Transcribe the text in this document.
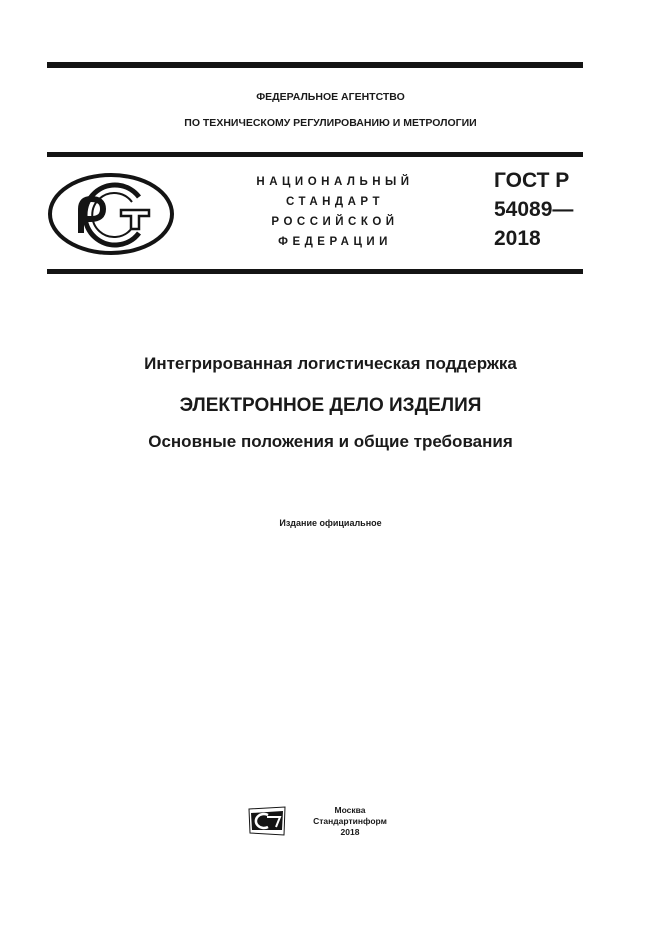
ФЕДЕРАЛЬНОЕ АГЕНТСТВО
ПО ТЕХНИЧЕСКОМУ РЕГУЛИРОВАНИЮ И МЕТРОЛОГИИ
НАЦИОНАЛЬНЫЙ
СТАНДАРТ
РОССИЙСКОЙ
ФЕДЕРАЦИИ
ГОСТ Р
54089—
2018
Интегрированная логистическая поддержка
ЭЛЕКТРОННОЕ ДЕЛО ИЗДЕЛИЯ
Основные положения и общие требования
Издание официальное
Москва
Стандартинформ
2018
